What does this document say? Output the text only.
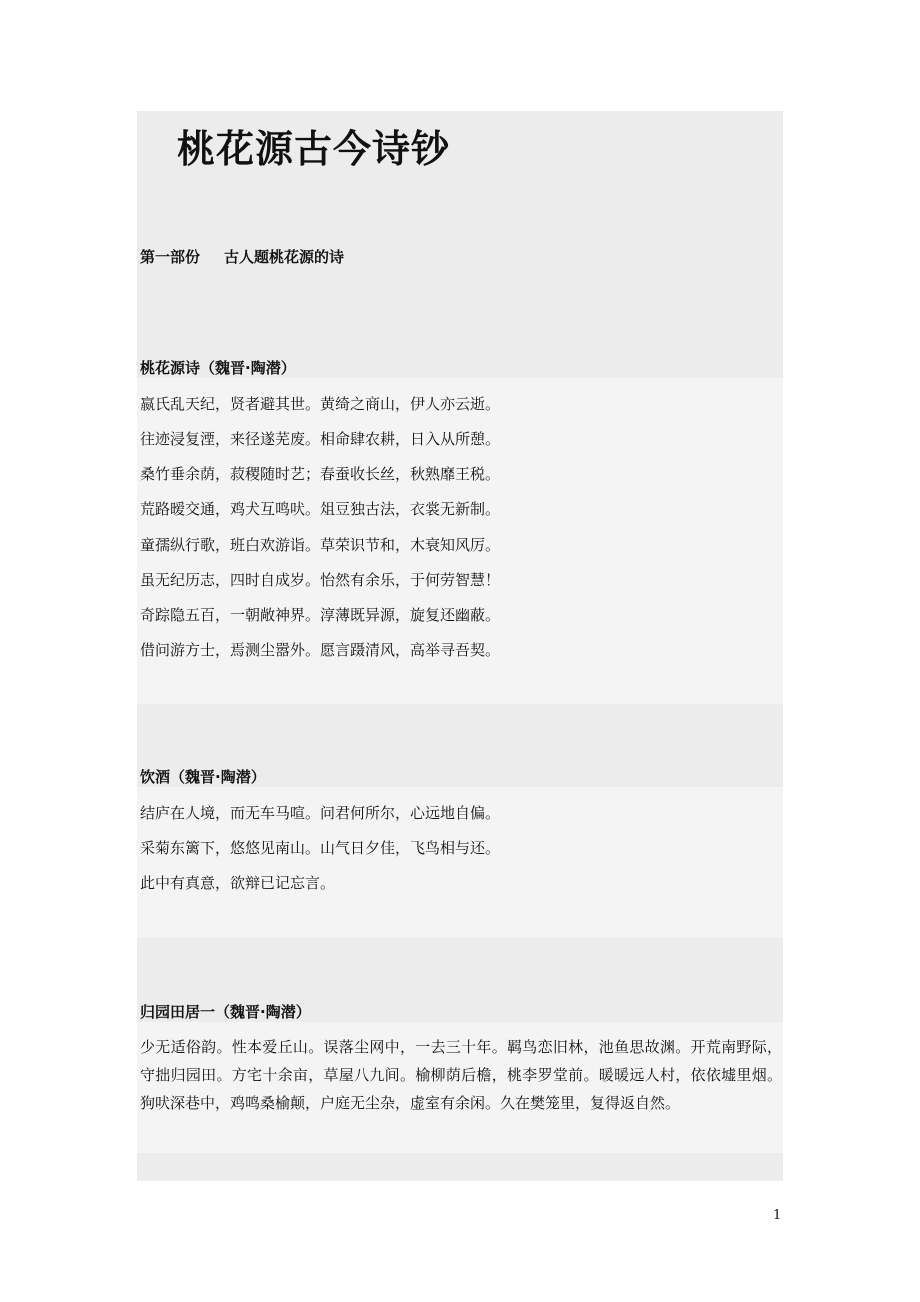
桃花源古今诗钞
第一部份 古人题桃花源的诗
桃花源诗（魏晋·陶潜）
嬴氏乱天纪，贤者避其世。黄绮之商山，伊人亦云逝。
往迹浸复湮，来径遂芜废。相命肆农耕，日入从所憩。
桑竹垂余荫，菽稷随时艺；春蚕收长丝，秋熟靡王税。
荒路暧交通，鸡犬互鸣吠。俎豆独古法，衣裳无新制。
童孺纵行歌，班白欢游诣。草荣识节和，木衰知风厉。
虽无纪历志，四时自成岁。怡然有余乐，于何劳智慧！
奇踪隐五百，一朝敞神界。淳薄既异源，旋复还幽蔽。
借问游方士，焉测尘嚣外。愿言蹑清风，高举寻吾契。
饮酒（魏晋·陶潜）
结庐在人境，而无车马喧。问君何所尔，心远地自偏。
采菊东篱下，悠悠见南山。山气日夕佳，飞鸟相与还。
此中有真意，欲辩已记忘言。
归园田居一（魏晋·陶潜）
少无适俗韵。性本爱丘山。误落尘网中，一去三十年。羁鸟恋旧林，池鱼思故渊。开荒南野际，守拙归园田。方宅十余亩，草屋八九间。榆柳荫后檐，桃李罗堂前。暖暖远人村，依依墟里烟。狗吠深巷中，鸡鸣桑榆颠，户庭无尘杂，虚室有余闲。久在樊笼里，复得返自然。
1
